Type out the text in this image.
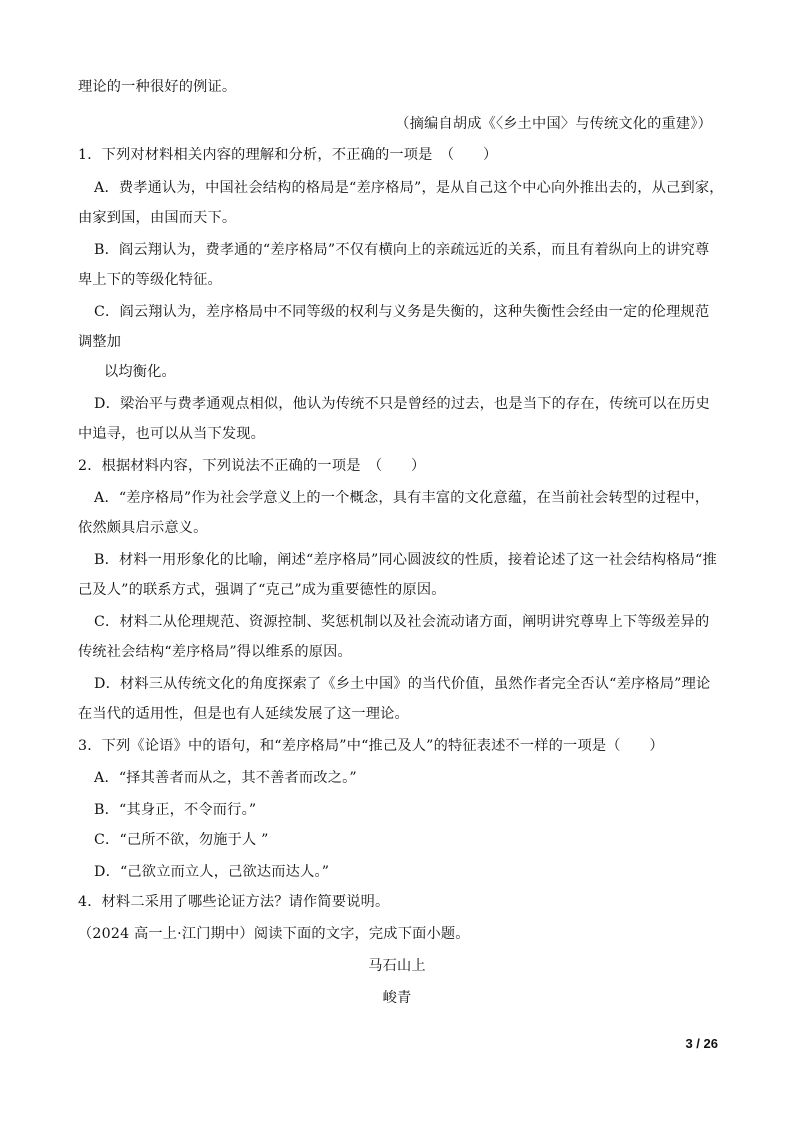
理论的一种很好的例证。
（摘编自胡成《〈乡土中国〉与传统文化的重建》）
1．下列对材料相关内容的理解和分析，不正确的一项是　（　　）
A．费孝通认为，中国社会结构的格局是“差序格局”，是从自己这个中心向外推出去的，从己到家，
由家到国，由国而天下。
B．阎云翔认为，费孝通的“差序格局”不仅有横向上的亲疏远近的关系，而且有着纵向上的讲究尊
卑上下的等级化特征。
C．阎云翔认为，差序格局中不同等级的权利与义务是失衡的，这种失衡性会经由一定的伦理规范
调整加
以均衡化。
D．梁治平与费孝通观点相似，他认为传统不只是曾经的过去，也是当下的存在，传统可以在历史
中追寻，也可以从当下发现。
2．根据材料内容，下列说法不正确的一项是　（　　）
A．“差序格局”作为社会学意义上的一个概念，具有丰富的文化意蕴，在当前社会转型的过程中，
依然颇具启示意义。
B．材料一用形象化的比喻，阐述“差序格局”同心圆波纹的性质，接着论述了这一社会结构格局“推
己及人”的联系方式，强调了“克己”成为重要德性的原因。
C．材料二从伦理规范、资源控制、奖惩机制以及社会流动诸方面，阐明讲究尊卑上下等级差异的
传统社会结构“差序格局”得以维系的原因。
D．材料三从传统文化的角度探索了《乡土中国》的当代价值，虽然作者完全否认“差序格局”理论
在当代的适用性，但是也有人延续发展了这一理论。
3．下列《论语》中的语句，和“差序格局”中“推己及人”的特征表述不一样的一项是（　　）
A．“择其善者而从之，其不善者而改之。”
B．“其身正，不令而行。”
C．“己所不欲，勿施于人 ”
D．“己欲立而立人，己欲达而达人。”
4．材料二采用了哪些论证方法？请作简要说明。
（2024 高一上·江门期中）阅读下面的文字，完成下面小题。
马石山上
峻青
3 / 26
